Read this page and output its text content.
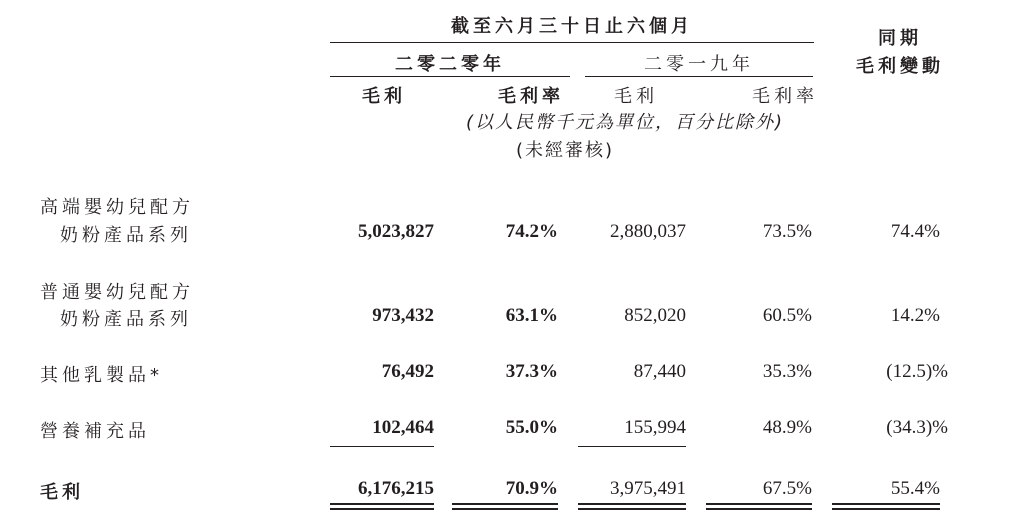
截至六月三十日止六個月
二零二零年	二零一九年
同期
毛利變動
毛利	毛利率	毛利	毛利率
(以人民幣千元為單位，百分比除外)
(未經審核)
高端嬰幼兒配方
奶粉產品系列	5,023,827	74.2%	2,880,037	73.5%	74.4%
普通嬰幼兒配方
奶粉產品系列	973,432	63.1%	852,020	60.5%	14.2%
其他乳製品*	76,492	37.3%	87,440	35.3%	(12.5)%
營養補充品	102,464	55.0%	155,994	48.9%	(34.3)%
毛利	6,176,215	70.9%	3,975,491	67.5%	55.4%
